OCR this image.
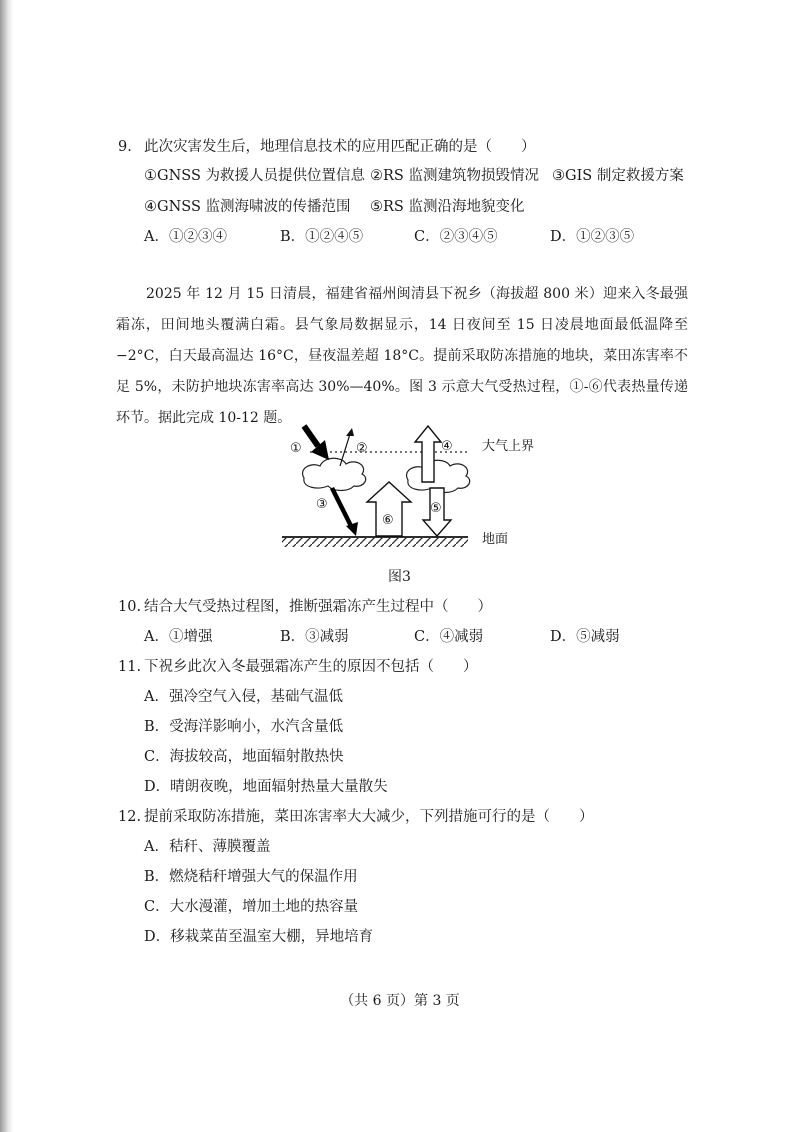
9. 此次灾害发生后，地理信息技术的应用匹配正确的是（　　）
①GNSS 为救援人员提供位置信息 ②RS 监测建筑物损毁情况 ③GIS 制定救援方案
④GNSS 监测海啸波的传播范围 ⑤RS 监测沿海地貌变化
A．①②③④	B．①②④⑤	C．②③④⑤	D．①②③⑤
2025 年 12 月 15 日清晨，福建省福州闽清县下祝乡（海拔超 800 米）迎来入冬最强霜冻，田间地头覆满白霜。县气象局数据显示，14 日夜间至 15 日凌晨地面最低温降至−2°C，白天最高温达 16°C，昼夜温差超 18°C。提前采取防冻措施的地块，菜田冻害率不足 5%，未防护地块冻害率高达 30%—40%。图 3 示意大气受热过程，①-⑥代表热量传递环节。据此完成 10-12 题。
大气上界
地面
①	②
③
⑥
④
⑤
图3
10. 结合大气受热过程图，推断强霜冻产生过程中（　　）
A．①增强	B．③减弱	C．④减弱	D．⑤减弱
11. 下祝乡此次入冬最强霜冻产生的原因不包括（　　）
A．强冷空气入侵，基础气温低
B．受海洋影响小，水汽含量低
C．海拔较高，地面辐射散热快
D．晴朗夜晚，地面辐射热量大量散失
12. 提前采取防冻措施，菜田冻害率大大减少，下列措施可行的是（　　）
A．秸秆、薄膜覆盖
B．燃烧秸秆增强大气的保温作用
C．大水漫灌，增加土地的热容量
D．移栽菜苗至温室大棚，异地培育
（共 6 页）第 3 页
